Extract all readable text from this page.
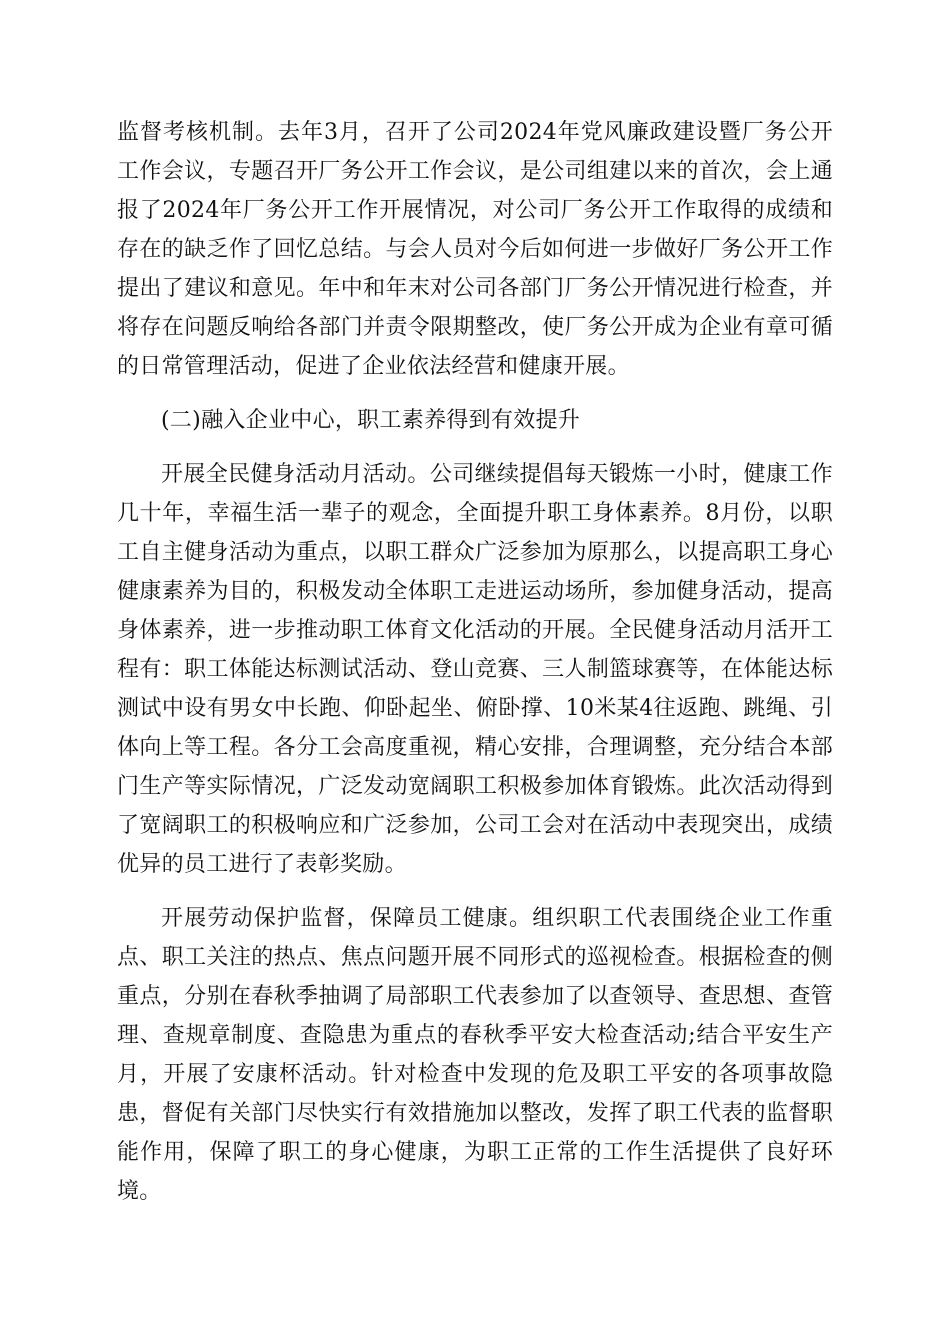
监督考核机制。去年3月，召开了公司2024年党风廉政建设暨厂务公开
工作会议，专题召开厂务公开工作会议，是公司组建以来的首次，会上通
报了2024年厂务公开工作开展情况，对公司厂务公开工作取得的成绩和
存在的缺乏作了回忆总结。与会人员对今后如何进一步做好厂务公开工作
提出了建议和意见。年中和年末对公司各部门厂务公开情况进行检查，并
将存在问题反响给各部门并责令限期整改，使厂务公开成为企业有章可循
的日常管理活动，促进了企业依法经营和健康开展。
(二)融入企业中心，职工素养得到有效提升
开展全民健身活动月活动。公司继续提倡每天锻炼一小时，健康工作
几十年，幸福生活一辈子的观念，全面提升职工身体素养。8月份，以职
工自主健身活动为重点，以职工群众广泛参加为原那么，以提高职工身心
健康素养为目的，积极发动全体职工走进运动场所，参加健身活动，提高
身体素养，进一步推动职工体育文化活动的开展。全民健身活动月活开工
程有：职工体能达标测试活动、登山竞赛、三人制篮球赛等，在体能达标
测试中设有男女中长跑、仰卧起坐、俯卧撑、10米某4往返跑、跳绳、引
体向上等工程。各分工会高度重视，精心安排，合理调整，充分结合本部
门生产等实际情况，广泛发动宽阔职工积极参加体育锻炼。此次活动得到
了宽阔职工的积极响应和广泛参加，公司工会对在活动中表现突出，成绩
优异的员工进行了表彰奖励。
开展劳动保护监督，保障员工健康。组织职工代表围绕企业工作重
点、职工关注的热点、焦点问题开展不同形式的巡视检查。根据检查的侧
重点，分别在春秋季抽调了局部职工代表参加了以查领导、查思想、查管
理、查规章制度、查隐患为重点的春秋季平安大检查活动;结合平安生产
月，开展了安康杯活动。针对检查中发现的危及职工平安的各项事故隐
患，督促有关部门尽快实行有效措施加以整改，发挥了职工代表的监督职
能作用，保障了职工的身心健康，为职工正常的工作生活提供了良好环
境。
